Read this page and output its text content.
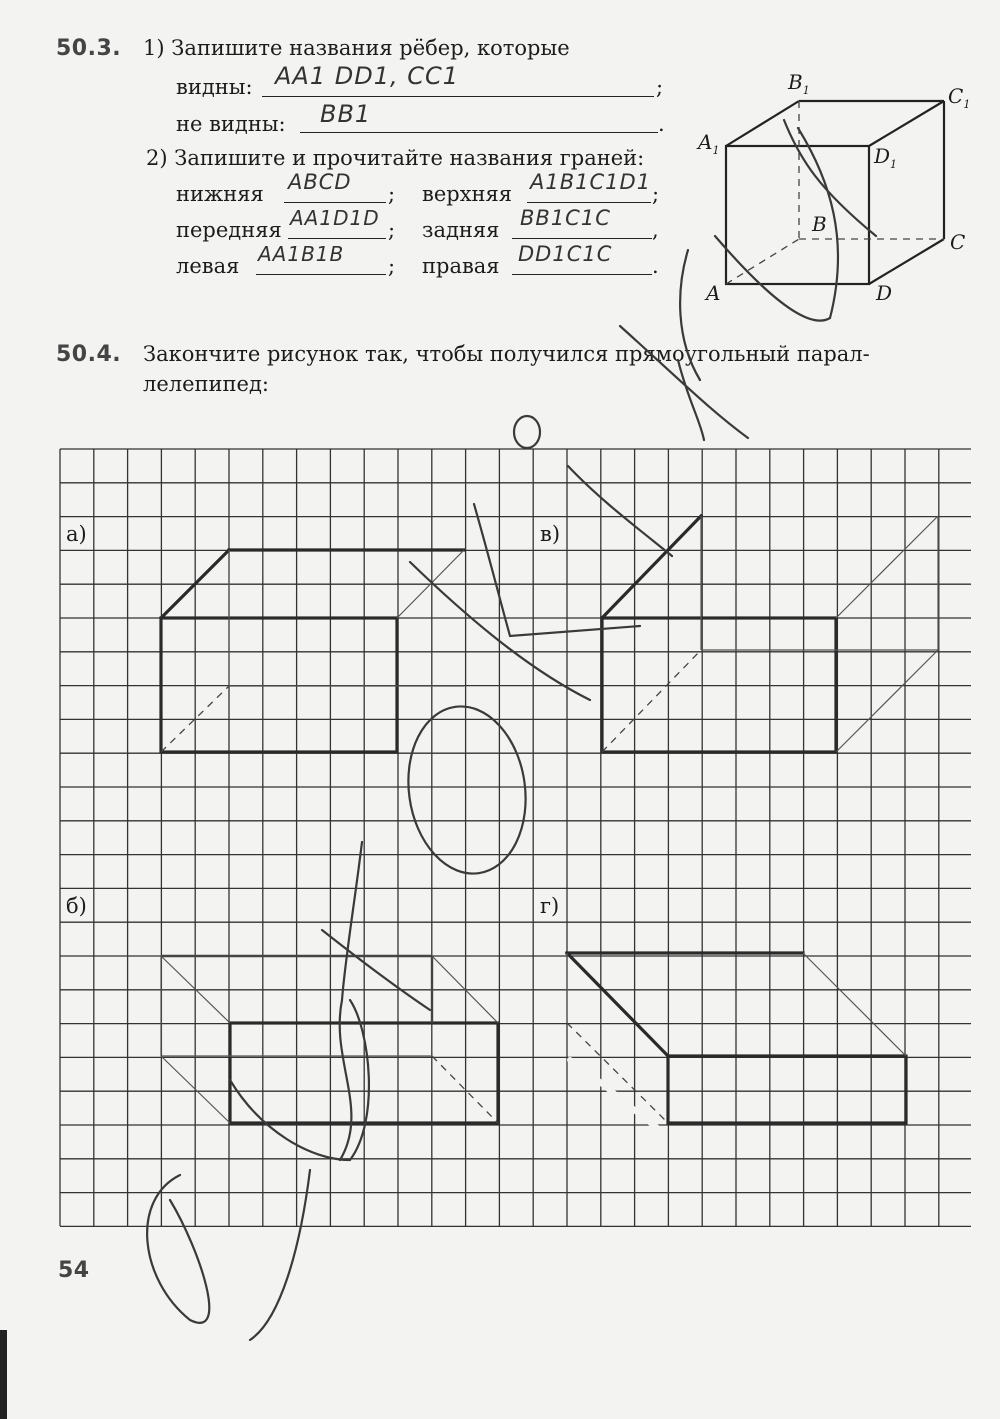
50.3. 1) Запишите названия рёбер, которые
видны: AA1 DD1, CC1	;
не видны: BB1	.
2) Запишите и прочитайте названия граней:
нижняя ABCD ; верхняя A1B1C1D1 ;
передняя AA1D1D ; задняя BB1C1C ,
левая AA1B1B ; правая DD1C1C .
$B_1$	$C_1$
$A_1$	$D_1$
B
C
A	D
50.4. Закончите рисунок так, чтобы получился прямоугольный парал-
лелепипед:
а)	в)
б)	г)
54
